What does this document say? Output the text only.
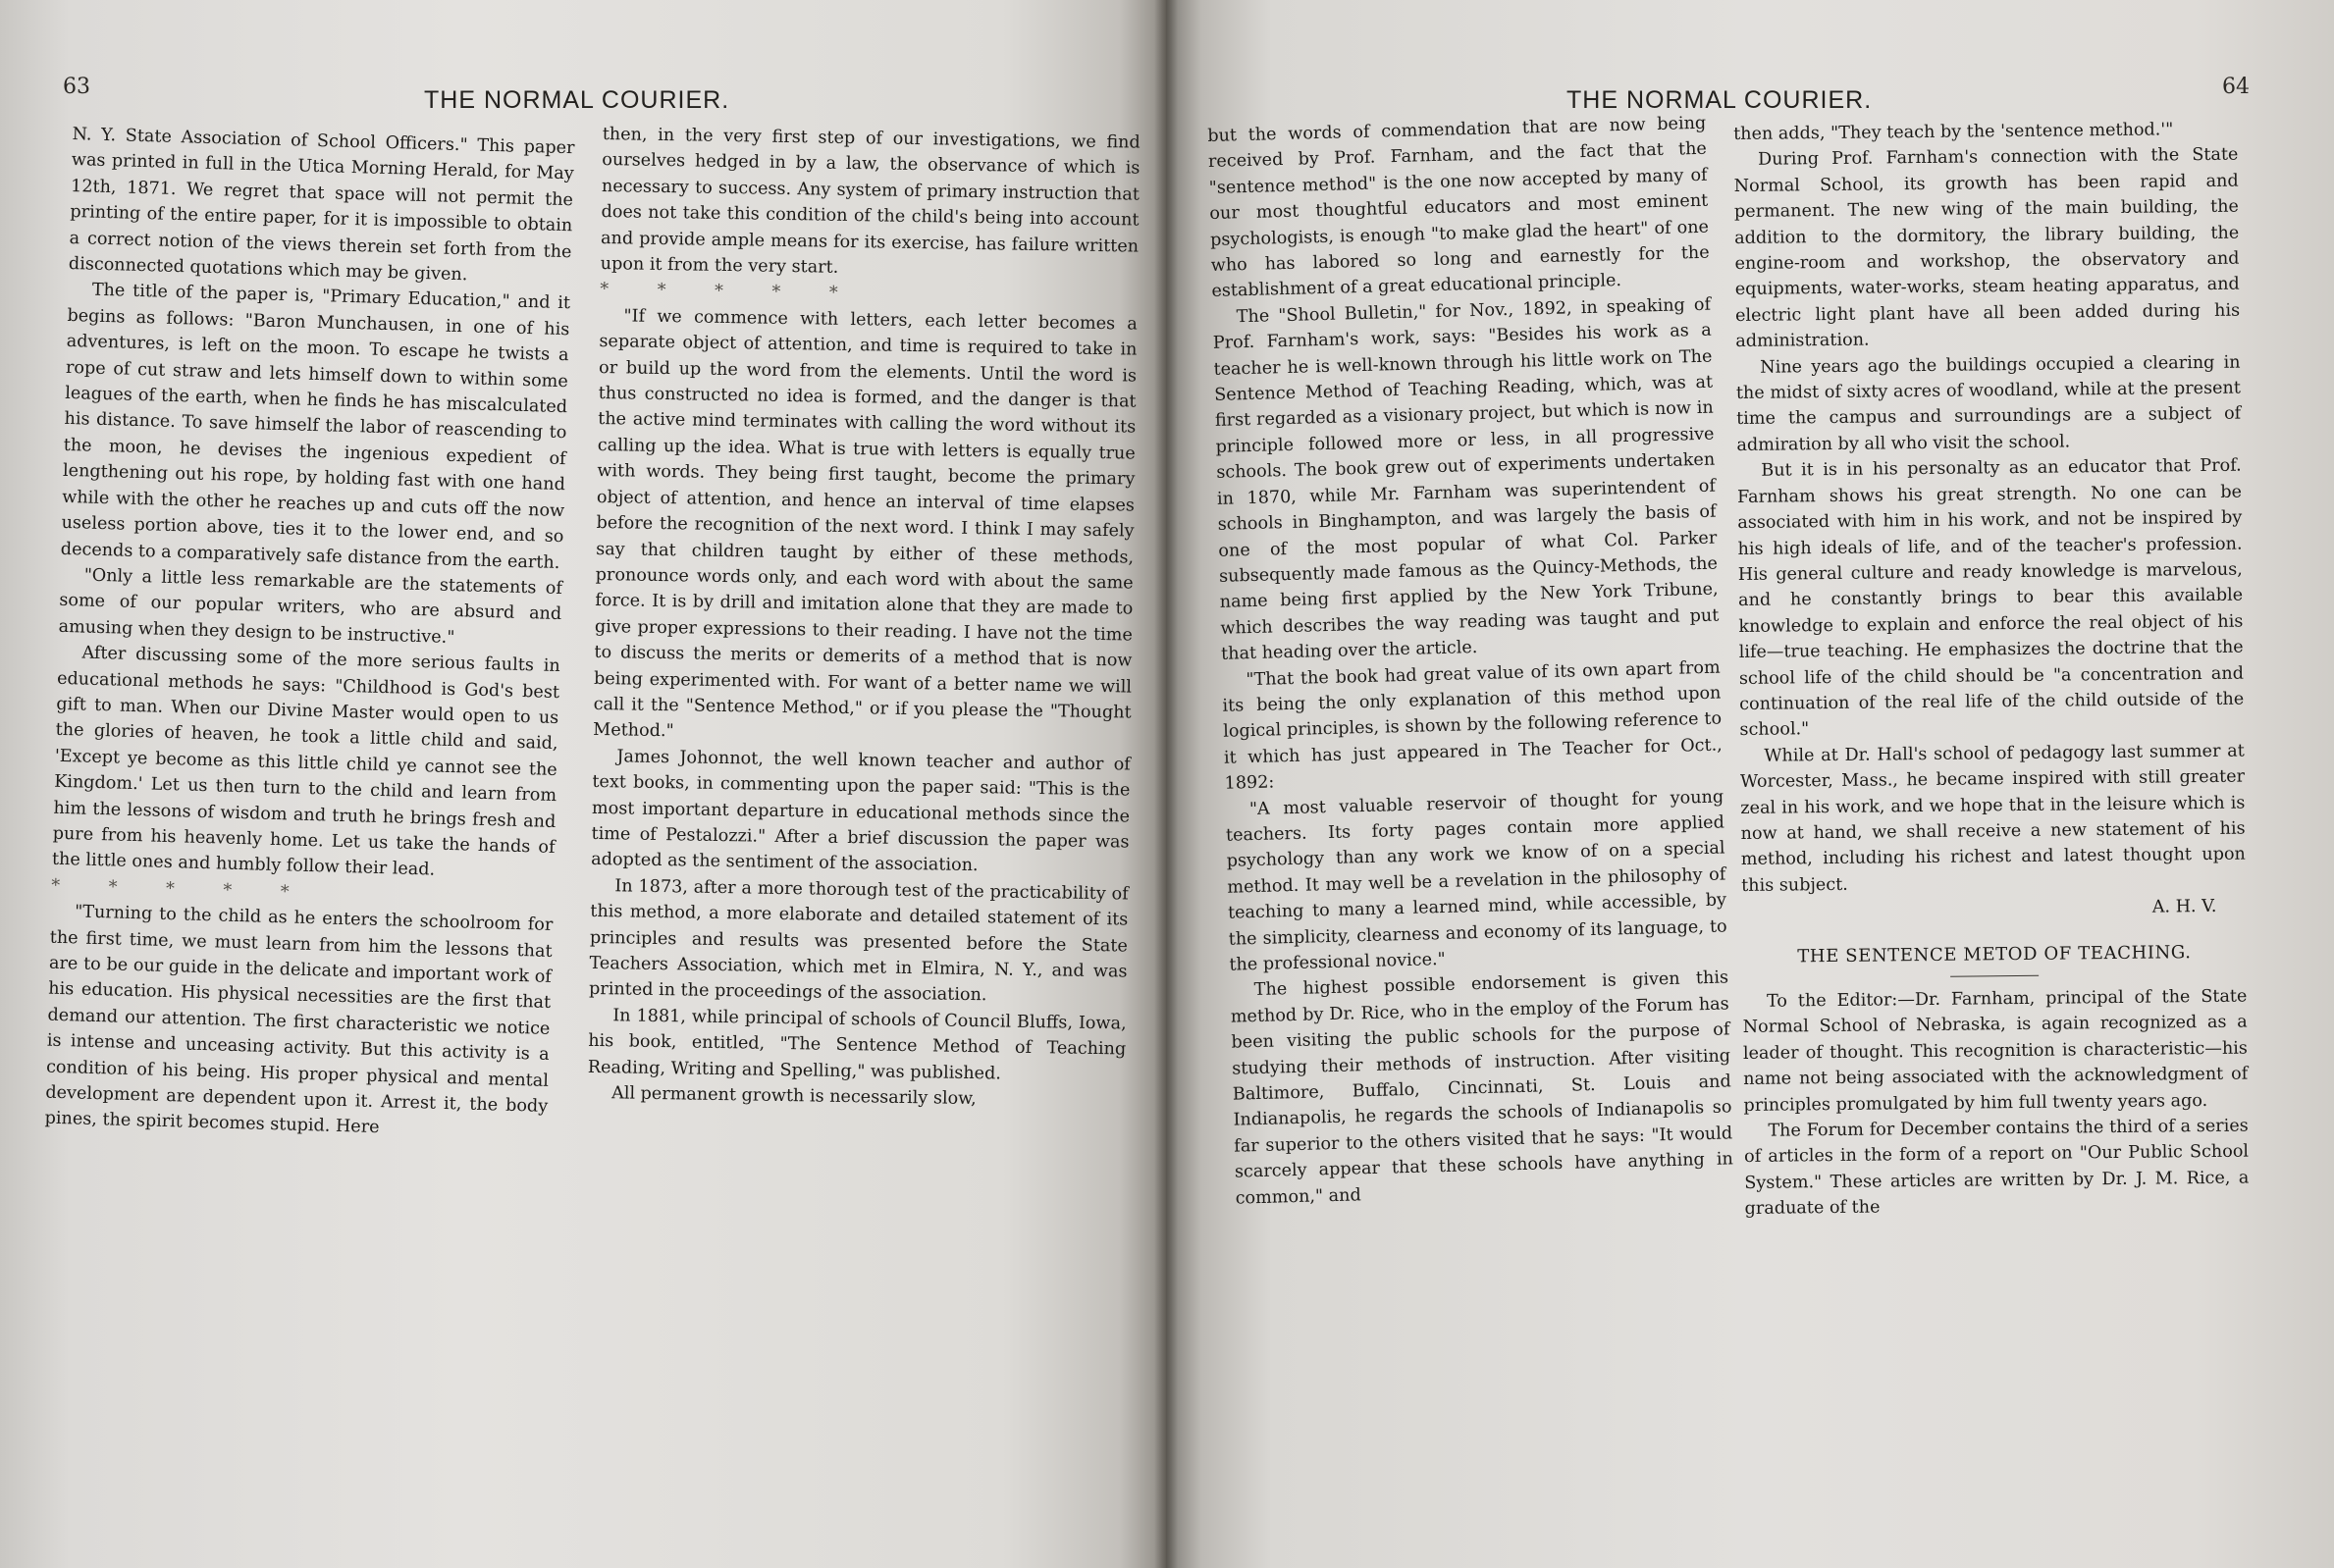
63	THE NORMAL COURIER.

N. Y. State Association of School Officers." This paper was printed in full in the Utica Morning Herald, for May 12th, 1871. We regret that space will not permit the printing of the entire paper, for it is impossible to obtain a correct notion of the views therein set forth from the disconnected quotations which may be given.

The title of the paper is, "Primary Education," and it begins as follows: "Baron Munchausen, in one of his adventures, is left on the moon. To escape he twists a rope of cut straw and lets himself down to within some leagues of the earth, when he finds he has miscalculated his distance. To save himself the labor of reascending to the moon, he devises the ingenious expedient of lengthening out his rope, by holding fast with one hand while with the other he reaches up and cuts off the now useless portion above, ties it to the lower end, and so decends to a comparatively safe distance from the earth.

"Only a little less remarkable are the statements of some of our popular writers, who are absurd and amusing when they design to be instructive."

After discussing some of the more serious faults in educational methods he says: "Childhood is God's best gift to man. When our Divine Master would open to us the glories of heaven, he took a little child and said, 'Except ye become as this little child ye cannot see the Kingdom.' Let us then turn to the child and learn from him the lessons of wisdom and truth he brings fresh and pure from his heavenly home. Let us take the hands of the little ones and humbly follow their lead.

* * * * *

"Turning to the child as he enters the schoolroom for the first time, we must learn from him the lessons that are to be our guide in the delicate and important work of his education. His physical necessities are the first that demand our attention. The first characteristic we notice is intense and unceasing activity. But this activity is a condition of his being. His proper physical and mental development are dependent upon it. Arrest it, the body pines, the spirit becomes stupid. Here

then, in the very first step of our investigations, we find ourselves hedged in by a law, the observance of which is necessary to success. Any system of primary instruction that does not take this condition of the child's being into account and provide ample means for its exercise, has failure written upon it from the very start.

* * * * *

"If we commence with letters, each letter becomes a separate object of attention, and time is required to take in or build up the word from the elements. Until the word is thus constructed no idea is formed, and the danger is that the active mind terminates with calling the word without its calling up the idea. What is true with letters is equally true with words. They being first taught, become the primary object of attention, and hence an interval of time elapses before the recognition of the next word. I think I may safely say that children taught by either of these methods, pronounce words only, and each word with about the same force. It is by drill and imitation alone that they are made to give proper expressions to their reading. I have not the time to discuss the merits or demerits of a method that is now being experimented with. For want of a better name we will call it the "Sentence Method," or if you please the "Thought Method."

James Johonnot, the well known teacher and author of text books, in commenting upon the paper said: "This is the most important departure in educational methods since the time of Pestalozzi." After a brief discussion the paper was adopted as the sentiment of the association.

In 1873, after a more thorough test of the practicability of this method, a more elaborate and detailed statement of its principles and results was presented before the State Teachers Association, which met in Elmira, N. Y., and was printed in the proceedings of the association.

In 1881, while principal of schools of Council Bluffs, Iowa, his book, entitled, "The Sentence Method of Teaching Reading, Writing and Spelling," was published.

All permanent growth is necessarily slow,

THE NORMAL COURIER.	64

but the words of commendation that are now being received by Prof. Farnham, and the fact that the "sentence method" is the one now accepted by many of our most thoughtful educators and most eminent psychologists, is enough "to make glad the heart" of one who has labored so long and earnestly for the establishment of a great educational principle.

The "Shool Bulletin," for Nov., 1892, in speaking of Prof. Farnham's work, says: "Besides his work as a teacher he is well-known through his little work on The Sentence Method of Teaching Reading, which, was at first regarded as a visionary project, but which is now in principle followed more or less, in all progressive schools. The book grew out of experiments undertaken in 1870, while Mr. Farnham was superintendent of schools in Binghampton, and was largely the basis of one of the most popular of what Col. Parker subsequently made famous as the Quincy-Methods, the name being first applied by the New York Tribune, which describes the way reading was taught and put that heading over the article.

"That the book had great value of its own apart from its being the only explanation of this method upon logical principles, is shown by the following reference to it which has just appeared in The Teacher for Oct., 1892:

"A most valuable reservoir of thought for young teachers. Its forty pages contain more applied psychology than any work we know of on a special method. It may well be a revelation in the philosophy of teaching to many a learned mind, while accessible, by the simplicity, clearness and economy of its language, to the professional novice."

The highest possible endorsement is given this method by Dr. Rice, who in the employ of the Forum has been visiting the public schools for the purpose of studying their methods of instruction. After visiting Baltimore, Buffalo, Cincinnati, St. Louis and Indianapolis, he regards the schools of Indianapolis so far superior to the others visited that he says: "It would scarcely appear that these schools have anything in common," and

then adds, "They teach by the 'sentence method.'"

During Prof. Farnham's connection with the State Normal School, its growth has been rapid and permanent. The new wing of the main building, the addition to the dormitory, the library building, the engine-room and workshop, the observatory and equipments, water-works, steam heating apparatus, and electric light plant have all been added during his administration.

Nine years ago the buildings occupied a clearing in the midst of sixty acres of woodland, while at the present time the campus and surroundings are a subject of admiration by all who visit the school.

But it is in his personalty as an educator that Prof. Farnham shows his great strength. No one can be associated with him in his work, and not be inspired by his high ideals of life, and of the teacher's profession. His general culture and ready knowledge is marvelous, and he constantly brings to bear this available knowledge to explain and enforce the real object of his life—true teaching. He emphasizes the doctrine that the school life of the child should be "a concentration and continuation of the real life of the child outside of the school."

While at Dr. Hall's school of pedagogy last summer at Worcester, Mass., he became inspired with still greater zeal in his work, and we hope that in the leisure which is now at hand, we shall receive a new statement of his method, including his richest and latest thought upon this subject.

A. H. V.
THE SENTENCE METOD OF TEACHING.

To the Editor:—Dr. Farnham, principal of the State Normal School of Nebraska, is again recognized as a leader of thought. This recognition is characteristic—his name not being associated with the acknowledgment of principles promulgated by him full twenty years ago.

The Forum for December contains the third of a series of articles in the form of a report on "Our Public School System." These articles are written by Dr. J. M. Rice, a graduate of the
